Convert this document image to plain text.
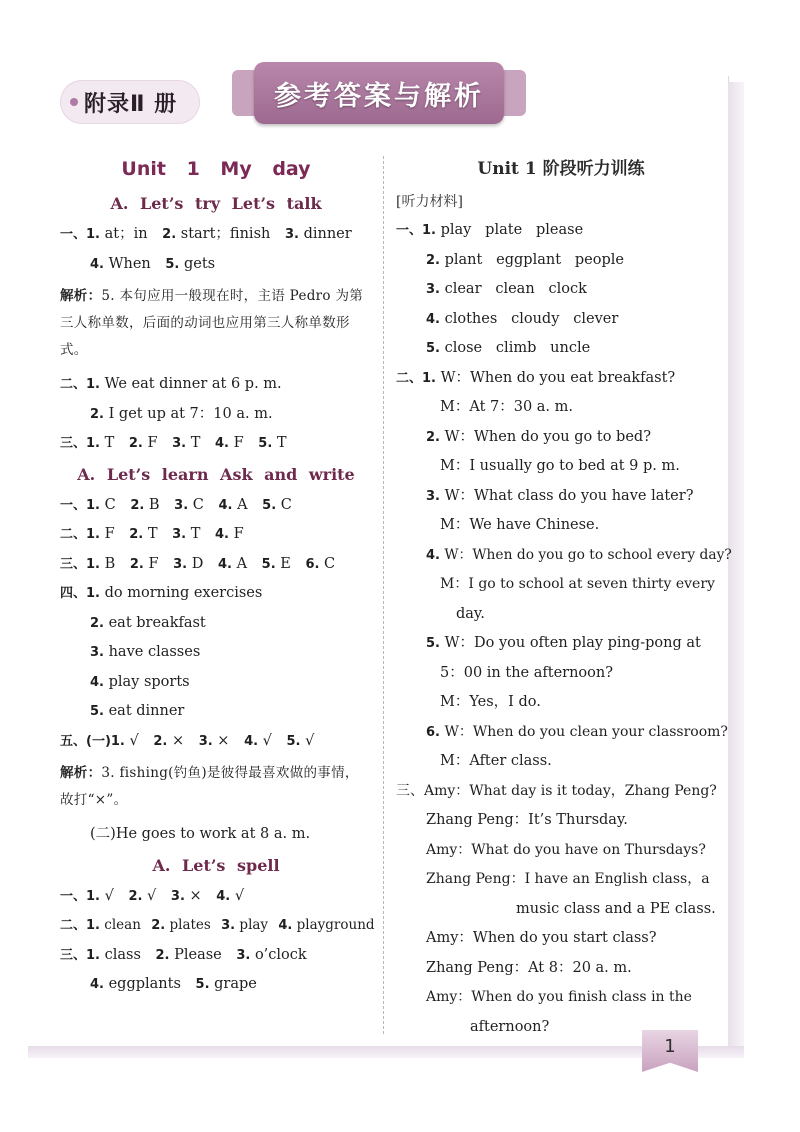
附录Ⅱ 册	参考答案与解析
Unit 1 My day
A. Let’s try Let’s talk
一、1. at；in 2. start；finish 3. dinner
4. When 5. gets
解析：5. 本句应用一般现在时，主语 Pedro 为第三人称单数，后面的动词也应用第三人称单数形式。
二、1. We eat dinner at 6 p. m.
2. I get up at 7：10 a. m.
三、1. T 2. F 3. T 4. F 5. T
A. Let’s learn Ask and write
一、1. C 2. B 3. C 4. A 5. C
二、1. F 2. T 3. T 4. F
三、1. B 2. F 3. D 4. A 5. E 6. C
四、1. do morning exercises
2. eat breakfast
3. have classes
4. play sports
5. eat dinner
五、(一)1. √ 2. × 3. × 4. √ 5. √
解析：3. fishing(钓鱼)是彼得最喜欢做的事情，故打“×”。
(二)He goes to work at 8 a. m.
A. Let’s spell
一、1. √ 2. √ 3. × 4. √
二、1. clean 2. plates 3. play 4. playground
三、1. class 2. Please 3. o’clock
4. eggplants 5. grape
Unit 1 阶段听力训练
[听力材料]
一、1. play   plate   please
2. plant   eggplant   people
3. clear   clean   clock
4. clothes   cloudy   clever
5. close   climb   uncle
二、1. W：When do you eat breakfast?
M：At 7：30 a. m.
2. W：When do you go to bed?
M：I usually go to bed at 9 p. m.
3. W：What class do you have later?
M：We have Chinese.
4. W：When do you go to school every day?
M：I go to school at seven thirty every
day.
5. W：Do you often play ping-pong at
5：00 in the afternoon?
M：Yes，I do.
6. W：When do you clean your classroom?
M：After class.
三、Amy：What day is it today，Zhang Peng?
Zhang Peng：It’s Thursday.
Amy：What do you have on Thursdays?
Zhang Peng：I have an English class，a
music class and a PE class.
Amy：When do you start class?
Zhang Peng：At 8：20 a. m.
Amy：When do you finish class in the
afternoon?
1
